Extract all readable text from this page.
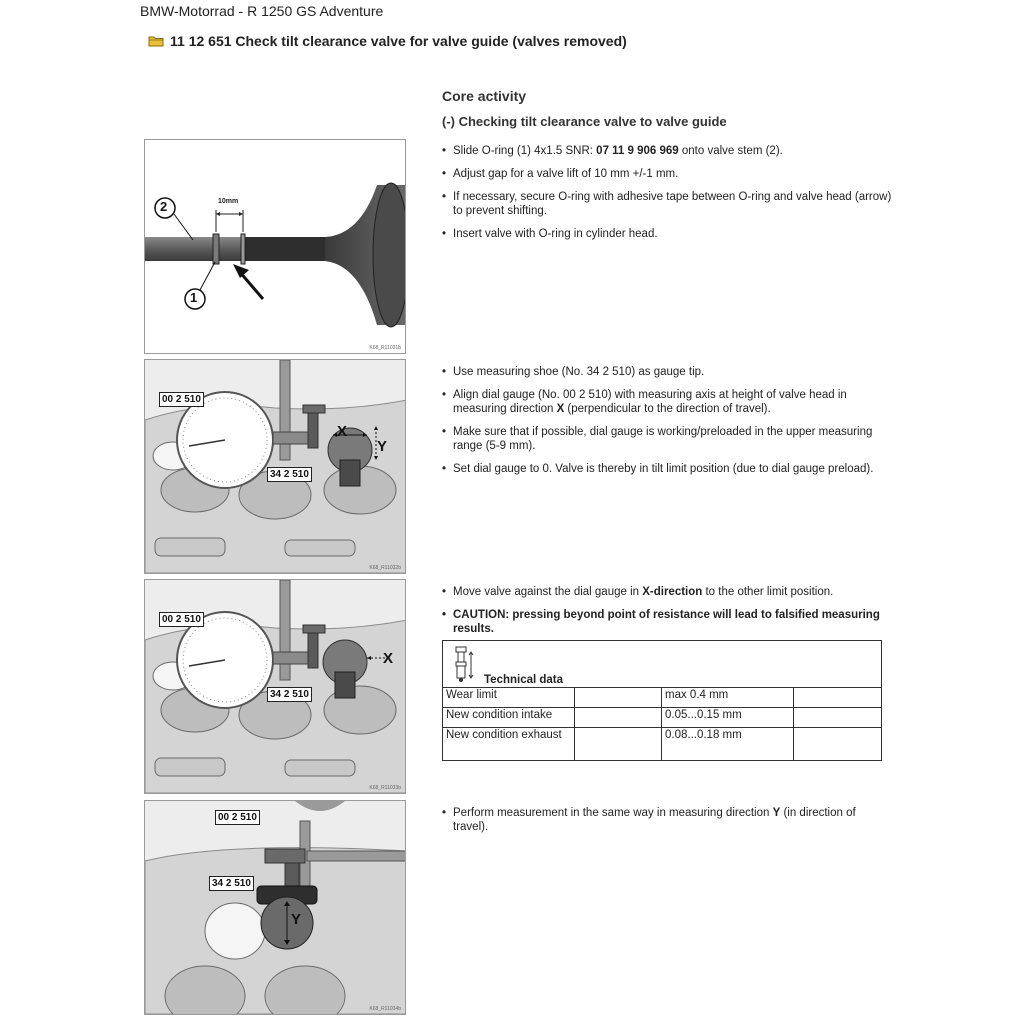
BMW-Motorrad - R 1250 GS Adventure
11 12 651 Check tilt clearance valve for valve guide (valves removed)
Core activity
(-) Checking tilt clearance valve to valve guide
• Slide O-ring (1) 4x1.5 SNR: 07 11 9 906 969 onto valve stem (2).
• Adjust gap for a valve lift of 10 mm +/-1 mm.
• If necessary, secure O-ring with adhesive tape between O-ring and valve head (arrow) to prevent shifting.
• Insert valve with O-ring in cylinder head.
• Use measuring shoe (No. 34 2 510) as gauge tip.
• Align dial gauge (No. 00 2 510) with measuring axis at height of valve head in measuring direction X (perpendicular to the direction of travel).
• Make sure that if possible, dial gauge is working/preloaded in the upper measuring range (5-9 mm).
• Set dial gauge to 0. Valve is thereby in tilt limit position (due to dial gauge preload).
• Move valve against the dial gauge in X-direction to the other limit position.
• CAUTION: pressing beyond point of resistance will lead to falsified measuring results.
Technical data			
Wear limit		max 0.4 mm	
New condition intake		0.05...0.15 mm	
New condition exhaust		0.08...0.18 mm	
• Perform measurement in the same way in measuring direction Y (in direction of travel).
2
1
10mm
K68_R11031b
00 2 510
34 2 510
X
Y
K68_R11032b
00 2 510
34 2 510
X
K68_R11033b
00 2 510
34 2 510
Y
K68_R11034b
